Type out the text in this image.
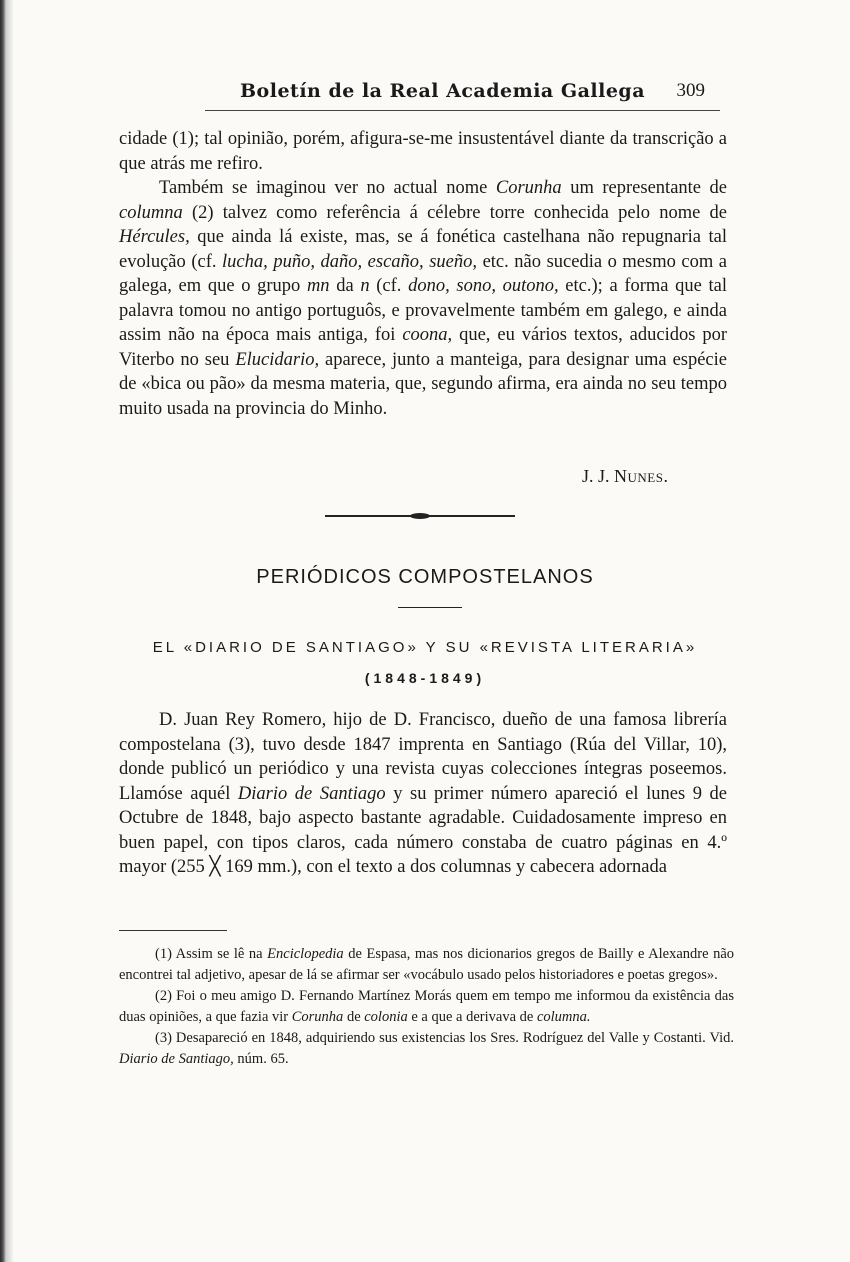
Boletín de la Real Academia Gallega 309

cidade (1); tal opinião, porém, afigura-se-me insustentável diante da transcrição a que atrás me refiro.

Também se imaginou ver no actual nome Corunha um representante de columna (2) talvez como referência á célebre torre conhecida pelo nome de Hércules, que ainda lá existe, mas, se á fonética castelhana não repugnaria tal evolução (cf. lucha, puño, daño, escaño, sueño, etc. não sucedia o mesmo com a galega, em que o grupo mn da n (cf. dono, sono, outono, etc.); a forma que tal palavra tomou no antigo portuguôs, e provavelmente também em galego, e ainda assim não na época mais antiga, foi coona, que, eu vários textos, aducidos por Viterbo no seu Elucidario, aparece, junto a manteiga, para designar uma espécie de «bica ou pão» da mesma materia, que, segundo afirma, era ainda no seu tempo muito usada na provincia do Minho.

J. J. Nunes.
PERIÓDICOS COMPOSTELANOS
EL «DIARIO DE SANTIAGO» Y SU «REVISTA LITERARIA»
(1848-1849)

D. Juan Rey Romero, hijo de D. Francisco, dueño de una famosa librería compostelana (3), tuvo desde 1847 imprenta en Santiago (Rúa del Villar, 10), donde publicó un periódico y una revista cuyas colecciones íntegras poseemos. Llamóse aquél Diario de Santiago y su primer número apareció el lunes 9 de Octubre de 1848, bajo aspecto bastante agradable. Cuidadosamente impreso en buen papel, con tipos claros, cada número constaba de cuatro páginas en 4.º mayor (255 ╳ 169 mm.), con el texto a dos columnas y cabecera adornada

(1) Assim se lê na Enciclopedia de Espasa, mas nos dicionarios gregos de Bailly e Alexandre não encontrei tal adjetivo, apesar de lá se afirmar ser «vocábulo usado pelos historiadores e poetas gregos».

(2) Foi o meu amigo D. Fernando Martínez Morás quem em tempo me informou da existência das duas opiniões, a que fazia vir Corunha de colonia e a que a derivava de columna.

(3) Desapareció en 1848, adquiriendo sus existencias los Sres. Rodríguez del Valle y Costanti. Vid. Diario de Santiago, núm. 65.
